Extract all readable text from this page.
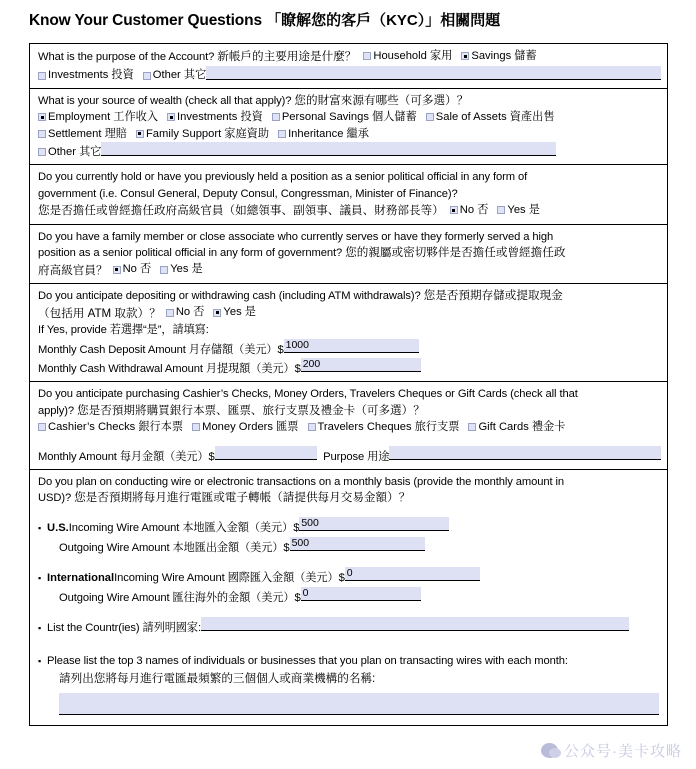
Know Your Customer Questions 「瞭解您的客戶（KYC）」相關問題
What is the purpose of the Account? 新帳戶的主要用途是什麼？ Household 家用 Savings 儲蓄
Investments 投資 Other 其它
What is your source of wealth (check all that apply)? 您的財富來源有哪些（可多選）？
Employment 工作收入 Investments 投資 Personal Savings 個人儲蓄 Sale of Assets 資產出售
Settlement 理賠 Family Support 家庭資助 Inheritance 繼承
Other 其它
Do you currently hold or have you previously held a position as a senior political official in any form of
government (i.e. Consul General, Deputy Consul, Congressman, Minister of Finance)?
您是否擔任或曾經擔任政府高級官員（如總領事、副領事、議員、財務部長等） No 否 Yes 是
Do you have a family member or close associate who currently serves or have they formerly served a high
position as a senior political official in any form of government? 您的親屬或密切夥伴是否擔任或曾經擔任政
府高級官員？ No 否 Yes 是
Do you anticipate depositing or withdrawing cash (including ATM withdrawals)? 您是否預期存儲或提取現金
（包括用 ATM 取款）？ No 否 Yes 是
If Yes, provide 若選擇“是”，請填寫:
Monthly Cash Deposit Amount 月存儲額（美元）$ 1000
Monthly Cash Withdrawal Amount 月提現額（美元）$ 200
Do you anticipate purchasing Cashier’s Checks, Money Orders, Travelers Cheques or Gift Cards (check all that
apply)? 您是否預期將購買銀行本票、匯票、旅行支票及禮金卡（可多選）？
Cashier’s Checks 銀行本票 Money Orders 匯票 Travelers Cheques 旅行支票 Gift Cards 禮金卡
Monthly Amount 每月金額（美元）$	Purpose 用途
Do you plan on conducting wire or electronic transactions on a monthly basis (provide the monthly amount in
USD)? 您是否預期將每月進行電匯或電子轉帳（請提供每月交易金額）？
▪ U.S. Incoming Wire Amount 本地匯入金額（美元）$ 500
Outgoing Wire Amount 本地匯出金額（美元）$ 500
▪ International Incoming Wire Amount 國際匯入金額（美元）$ 0
Outgoing Wire Amount 匯往海外的金額（美元）$ 0
▪ List the Countr(ies) 請列明國家:
▪ Please list the top 3 names of individuals or businesses that you plan on transacting wires with each month:
請列出您將每月進行電匯最頻繁的三個個人或商業機構的名稱:
公众号·美卡攻略
